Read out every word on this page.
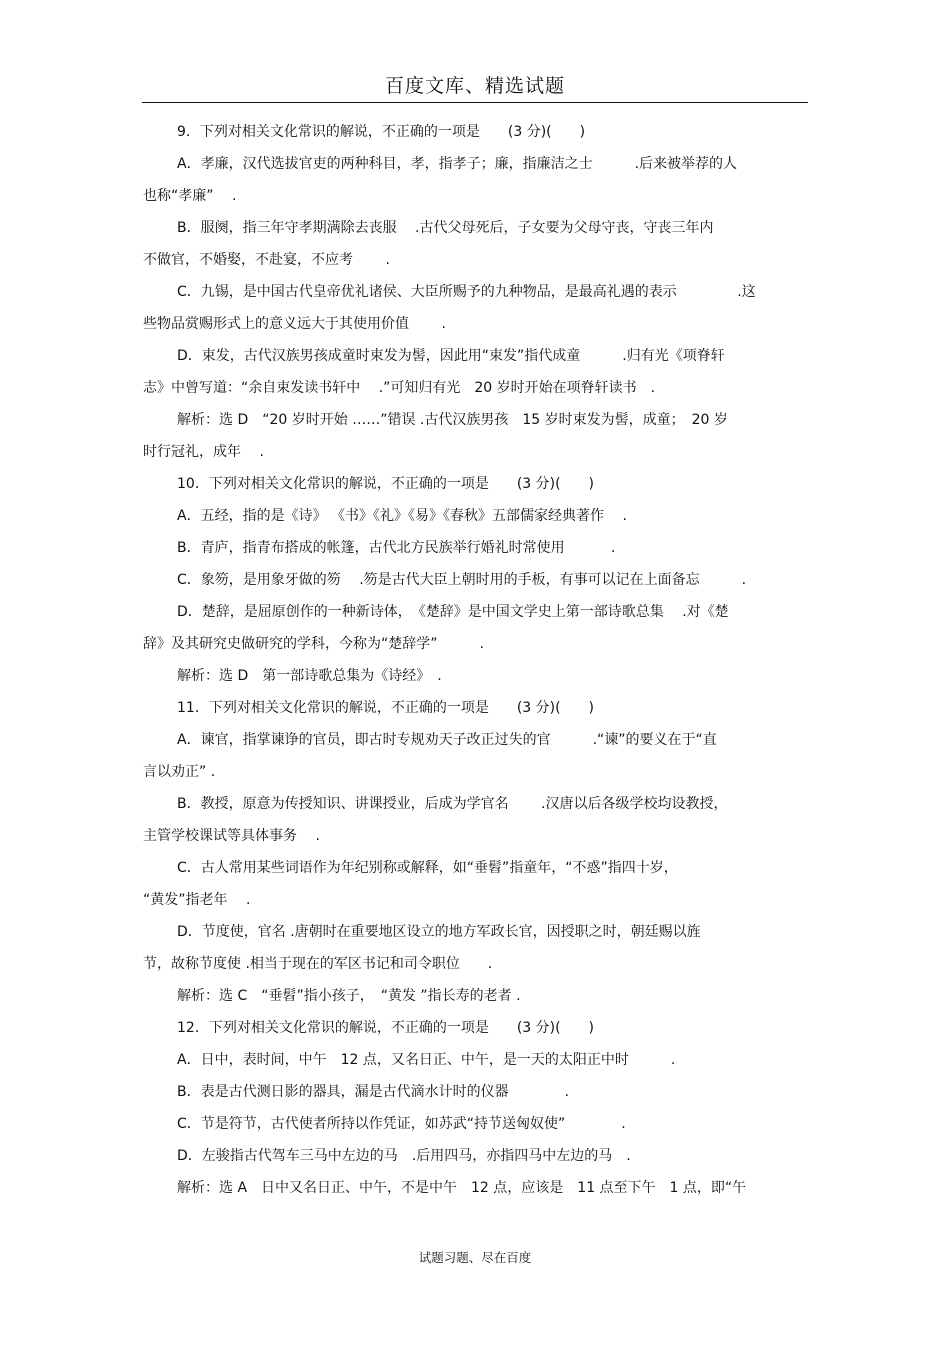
百度文库、精选试题
9．下列对相关文化常识的解说，不正确的一项是　　(3 分)(　　)
A．孝廉，汉代选拔官吏的两种科目，孝，指孝子；廉，指廉洁之士　　　.后来被举荐的人
也称“孝廉” 　.
B．服阕，指三年守孝期满除去丧服 　.古代父母死后，子女要为父母守丧，守丧三年内
不做官，不婚娶，不赴宴，不应考 　　.
C．九锡，是中国古代皇帝优礼诸侯、大臣所赐予的九种物品，是最高礼遇的表示 　　　　.这
些物品赏赐形式上的意义远大于其使用价值 　　.
D．束发，古代汉族男孩成童时束发为髻，因此用“束发”指代成童　　　.归有光《项脊轩
志》中曾写道：“余自束发读书轩中 　.”可知归有光　20 岁时开始在项脊轩读书　.
解析：选 D　“20 岁时开始 ……”错误 .古代汉族男孩　15 岁时束发为髻，成童；　20 岁
时行冠礼，成年 　.
10．下列对相关文化常识的解说，不正确的一项是　　(3 分)(　　)
A．五经，指的是《诗》 《书》《礼》《易》《春秋》五部儒家经典著作　 .
B．青庐，指青布搭成的帐篷，古代北方民族举行婚礼时常使用 　　　.
C．象笏，是用象牙做的笏 　.笏是古代大臣上朝时用的手板，有事可以记在上面备忘　　　.
D．楚辞，是屈原创作的一种新诗体，　《楚辞》是中国文学史上第一部诗歌总集 　.对《楚
辞》及其研究史做研究的学科，今称为“楚辞学”　　　.
解析：选 D　第一部诗歌总集为《诗经》　.
11．下列对相关文化常识的解说，不正确的一项是　　(3 分)(　　)
A．谏官，指掌谏诤的官员，即古时专规劝天子改正过失的官　　　.“谏”的要义在于“直
言以劝正” .
B．教授，原意为传授知识、讲课授业，后成为学官名 　　.汉唐以后各级学校均设教授，
主管学校课试等具体事务 　.
C．古人常用某些词语作为年纪别称或解释，如“垂髫”指童年，“不惑”指四十岁，
“黄发”指老年 　.
D．节度使，官名 .唐朝时在重要地区设立的地方军政长官，因授职之时，朝廷赐以旌
节，故称节度使 .相当于现在的军区书记和司令职位　　.
解析：选 C　“垂髫”指小孩子，　“黄发 ”指长寿的老者 .
12．下列对相关文化常识的解说，不正确的一项是　　(3 分)(　　)
A．日中，表时间，中午　12 点，又名日正、中午，是一天的太阳正中时　　　.
B．表是古代测日影的器具，漏是古代滴水计时的仪器　　　　.
C．节是符节，古代使者所持以作凭证，如苏武“持节送匈奴使”　　　　.
D．左骏指古代驾车三马中左边的马　.后用四马，亦指四马中左边的马　.
解析：选 A　日中又名日正、中午，不是中午　12 点，应该是　11 点至下午　1 点，即“午
试题习题、尽在百度
